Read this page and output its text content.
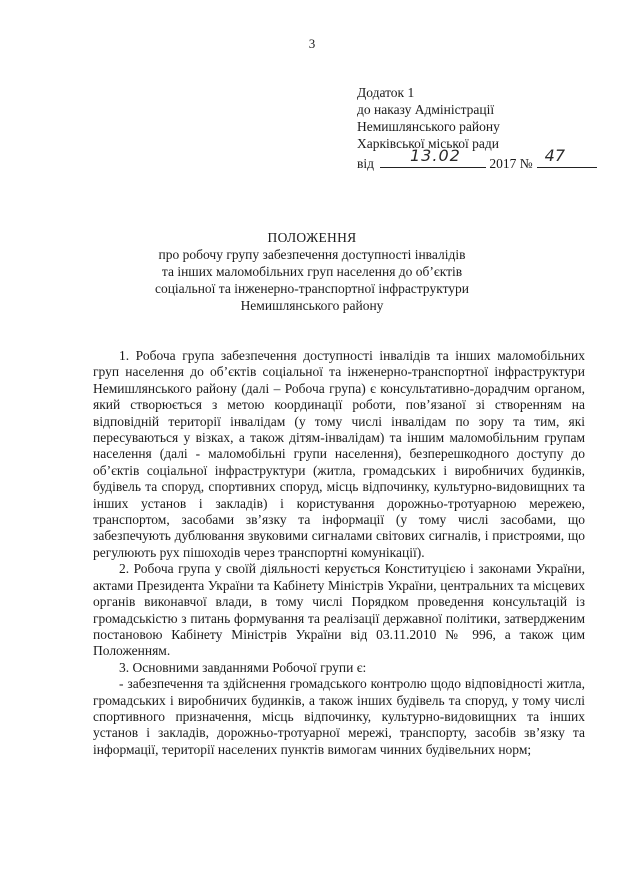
3
Додаток 1
до наказу Адміністрації
Немишлянського району
Харківської міської ради
від 13.02 2017 № 47
ПОЛОЖЕННЯ
про робочу групу забезпечення доступності інвалідів
та інших маломобільних груп населення до об’єктів
соціальної та інженерно-транспортної інфраструктури
Немишлянського району

1. Робоча група забезпечення доступності інвалідів та інших маломобільних груп населення до об’єктів соціальної та інженерно-транспортної інфраструктури Немишлянського району (далі – Робоча група) є консультативно-дорадчим органом, який створюється з метою координації роботи, пов’язаної зі створенням на відповідній території інвалідам (у тому числі інвалідам по зору та тим, які пересуваються у візках, а також дітям-інвалідам) та іншим маломобільним групам населення (далі - маломобільні групи населення), безперешкодного доступу до об’єктів соціальної інфраструктури (житла, громадських і виробничих будинків, будівель та споруд, спортивних споруд, місць відпочинку, культурно-видовищних та інших установ і закладів) і користування дорожньо-тротуарною мережею, транспортом, засобами зв’язку та інформації (у тому числі засобами, що забезпечують дублювання звуковими сигналами світових сигналів, і пристроями, що регулюють рух пішоходів через транспортні комунікації).

2. Робоча група у своїй діяльності керується Конституцією і законами України, актами Президента України та Кабінету Міністрів України, центральних та місцевих органів виконавчої влади, в тому числі Порядком проведення консультацій із громадськістю з питань формування та реалізації державної політики, затвердженим постановою Кабінету Міністрів України від 03.11.2010 № 996, а також цим Положенням.

3. Основними завданнями Робочої групи є:

- забезпечення та здійснення громадського контролю щодо відповідності житла, громадських і виробничих будинків, а також інших будівель та споруд, у тому числі спортивного призначення, місць відпочинку, культурно-видовищних та інших установ і закладів, дорожньо-тротуарної мережі, транспорту, засобів зв’язку та інформації, території населених пунктів вимогам чинних будівельних норм;
